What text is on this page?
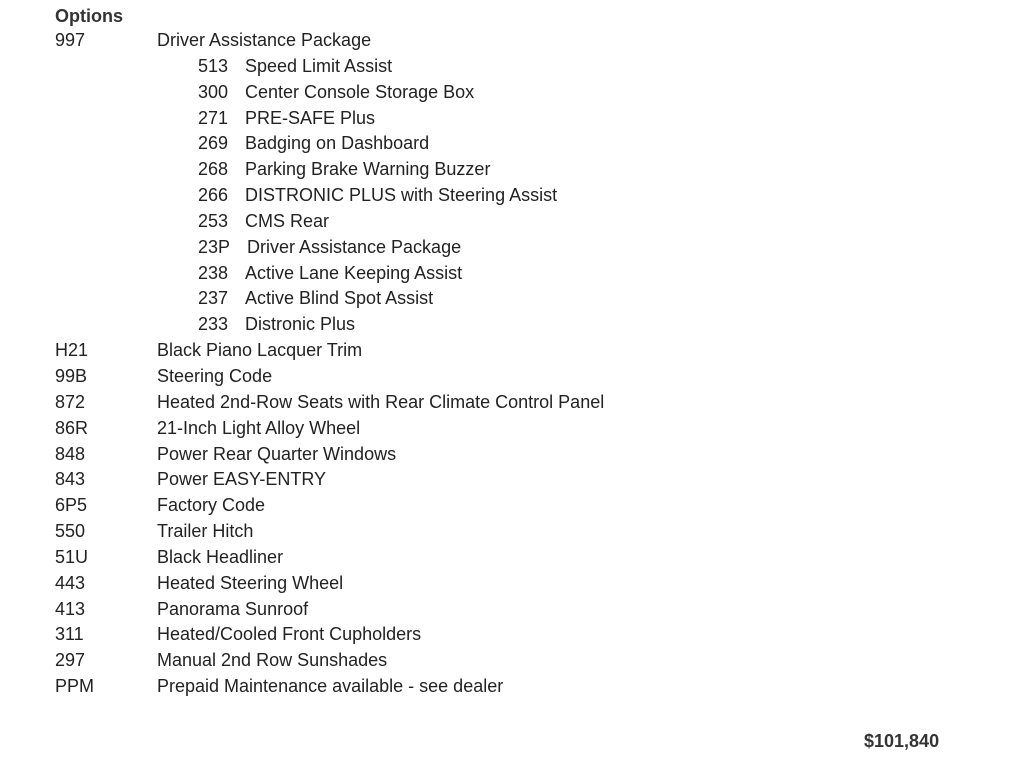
Options
997	Driver Assistance Package
513 Speed Limit Assist
300 Center Console Storage Box
271 PRE-SAFE Plus
269 Badging on Dashboard
268 Parking Brake Warning Buzzer
266 DISTRONIC PLUS with Steering Assist
253 CMS Rear
23P Driver Assistance Package
238 Active Lane Keeping Assist
237 Active Blind Spot Assist
233 Distronic Plus
H21	Black Piano Lacquer Trim
99B	Steering Code
872	Heated 2nd-Row Seats with Rear Climate Control Panel
86R	21-Inch Light Alloy Wheel
848	Power Rear Quarter Windows
843	Power EASY-ENTRY
6P5	Factory Code
550	Trailer Hitch
51U	Black Headliner
443	Heated Steering Wheel
413	Panorama Sunroof
311	Heated/Cooled Front Cupholders
297	Manual 2nd Row Sunshades
PPM	Prepaid Maintenance available - see dealer
$101,840
